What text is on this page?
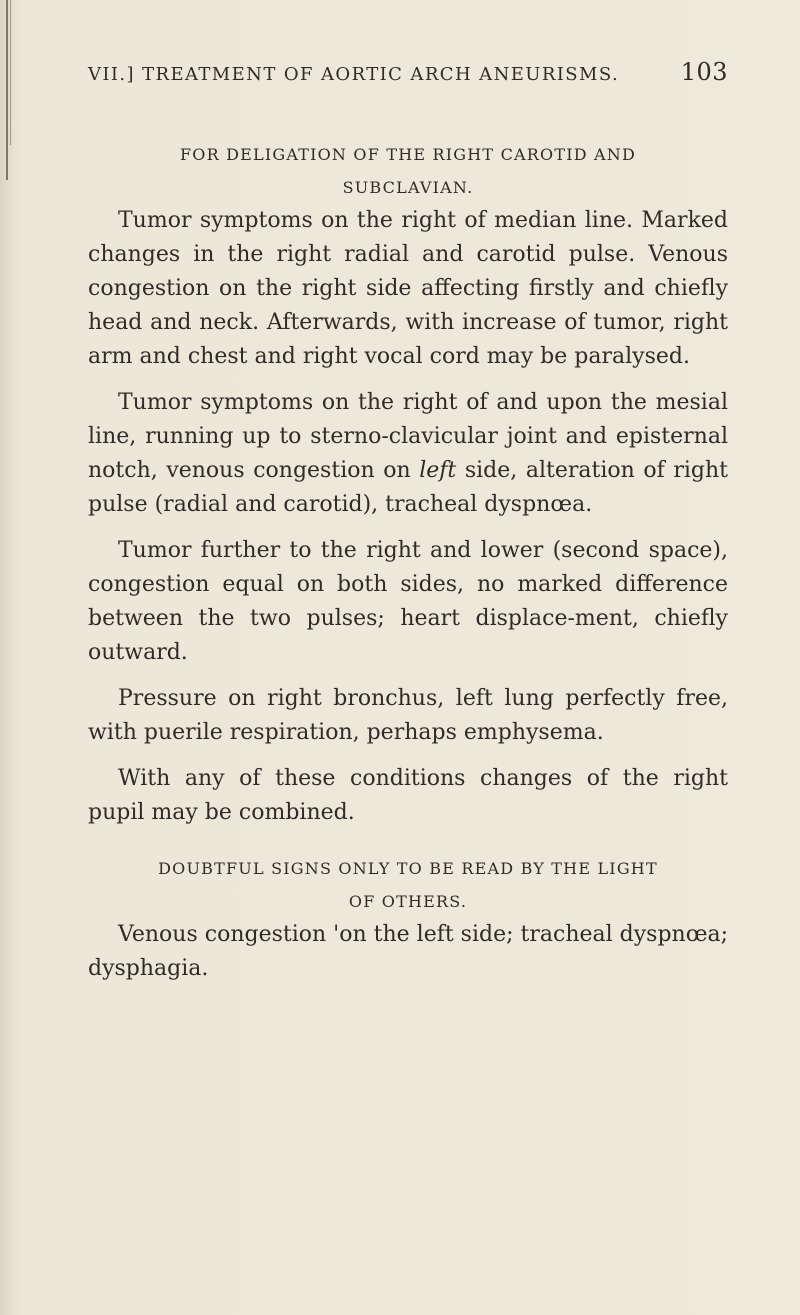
VII.] TREATMENT OF AORTIC ARCH ANEURISMS.	103
FOR DELIGATION OF THE RIGHT CAROTID AND
SUBCLAVIAN.

Tumor symptoms on the right of median line. Marked changes in the right radial and carotid pulse. Venous congestion on the right side affecting firstly and chiefly head and neck. Afterwards, with increase of tumor, right arm and chest and right vocal cord may be paralysed.

Tumor symptoms on the right of and upon the mesial line, running up to sterno-clavicular joint and episternal notch, venous congestion on left side, alteration of right pulse (radial and carotid), tracheal dyspnœa.

Tumor further to the right and lower (second space), congestion equal on both sides, no marked difference between the two pulses; heart displace-ment, chiefly outward.

Pressure on right bronchus, left lung perfectly free, with puerile respiration, perhaps emphysema.

With any of these conditions changes of the right pupil may be combined.

DOUBTFUL SIGNS ONLY TO BE READ BY THE LIGHT
OF OTHERS.

Venous congestion 'on the left side; tracheal dyspnœa; dysphagia.
